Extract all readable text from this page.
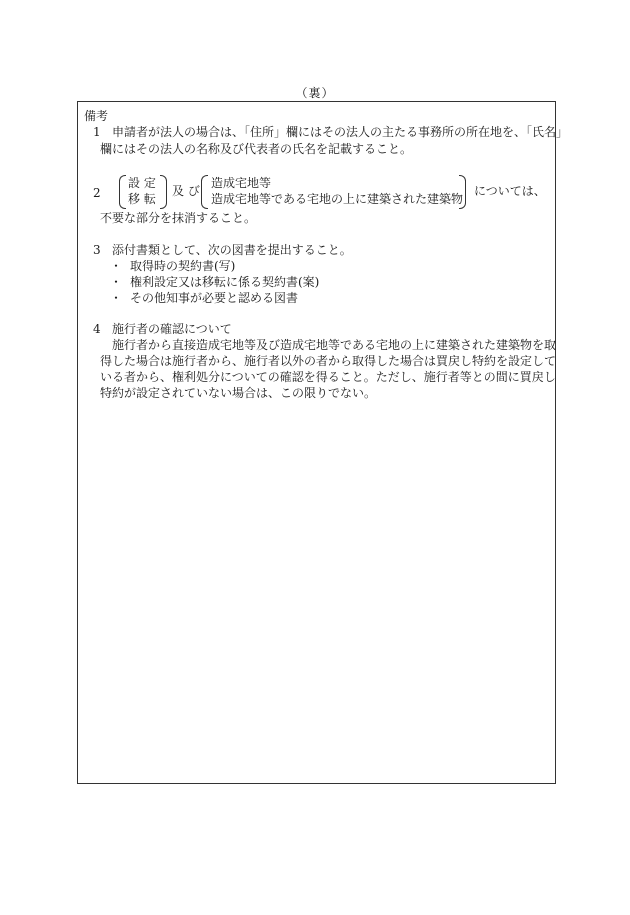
（裏）
備考
1 申請者が法人の場合は、「住所」欄にはその法人の主たる事務所の所在地を、「氏名」
欄にはその法人の名称及び代表者の氏名を記載すること。
2
設 定
移 転
及 び
造成宅地等
造成宅地等である宅地の上に建築された建築物
については、
不要な部分を抹消すること。
3 添付書類として、次の図書を提出すること。
・ 取得時の契約書(写)
・ 権利設定又は移転に係る契約書(案)
・ その他知事が必要と認める図書
4 施行者の確認について
施行者から直接造成宅地等及び造成宅地等である宅地の上に建築された建築物を取
得した場合は施行者から、施行者以外の者から取得した場合は買戻し特約を設定して
いる者から、権利処分についての確認を得ること。ただし、施行者等との間に買戻し
特約が設定されていない場合は、この限りでない。
